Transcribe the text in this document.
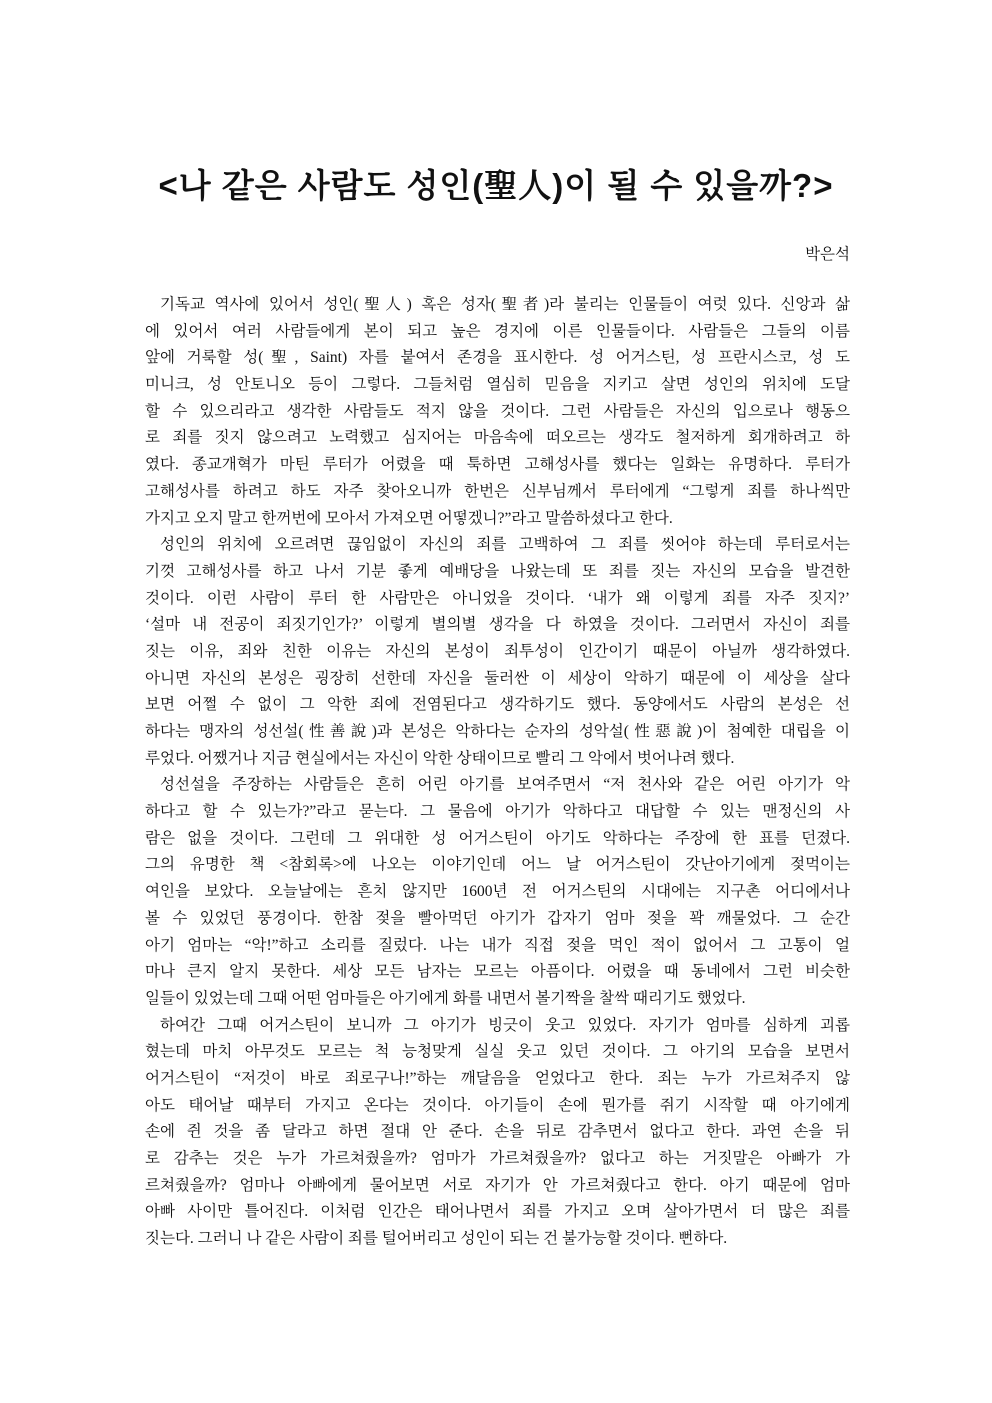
<나 같은 사람도 성인(聖人)이 될 수 있을까?>
박은석
기독교 역사에 있어서 성인(聖人) 혹은 성자(聖者)라 불리는 인물들이 여럿 있다. 신앙과 삶
에 있어서 여러 사람들에게 본이 되고 높은 경지에 이른 인물들이다. 사람들은 그들의 이름
앞에 거룩할 성(聖, Saint) 자를 붙여서 존경을 표시한다. 성 어거스틴, 성 프란시스코, 성 도
미니크, 성 안토니오 등이 그렇다. 그들처럼 열심히 믿음을 지키고 살면 성인의 위치에 도달
할 수 있으리라고 생각한 사람들도 적지 않을 것이다. 그런 사람들은 자신의 입으로나 행동으
로 죄를 짓지 않으려고 노력했고 심지어는 마음속에 떠오르는 생각도 철저하게 회개하려고 하
였다. 종교개혁가 마틴 루터가 어렸을 때 툭하면 고해성사를 했다는 일화는 유명하다. 루터가
고해성사를 하려고 하도 자주 찾아오니까 한번은 신부님께서 루터에게 “그렇게 죄를 하나씩만
가지고 오지 말고 한꺼번에 모아서 가져오면 어떻겠니?”라고 말씀하셨다고 한다.
성인의 위치에 오르려면 끊임없이 자신의 죄를 고백하여 그 죄를 씻어야 하는데 루터로서는
기껏 고해성사를 하고 나서 기분 좋게 예배당을 나왔는데 또 죄를 짓는 자신의 모습을 발견한
것이다. 이런 사람이 루터 한 사람만은 아니었을 것이다. ‘내가 왜 이렇게 죄를 자주 짓지?’
‘설마 내 전공이 죄짓기인가?’ 이렇게 별의별 생각을 다 하였을 것이다. 그러면서 자신이 죄를
짓는 이유, 죄와 친한 이유는 자신의 본성이 죄투성이 인간이기 때문이 아닐까 생각하였다.
아니면 자신의 본성은 굉장히 선한데 자신을 둘러싼 이 세상이 악하기 때문에 이 세상을 살다
보면 어쩔 수 없이 그 악한 죄에 전염된다고 생각하기도 했다. 동양에서도 사람의 본성은 선
하다는 맹자의 성선설(性善說)과 본성은 악하다는 순자의 성악설(性惡說)이 첨예한 대립을 이
루었다. 어쨌거나 지금 현실에서는 자신이 악한 상태이므로 빨리 그 악에서 벗어나려 했다.
성선설을 주장하는 사람들은 흔히 어린 아기를 보여주면서 “저 천사와 같은 어린 아기가 악
하다고 할 수 있는가?”라고 묻는다. 그 물음에 아기가 악하다고 대답할 수 있는 맨정신의 사
람은 없을 것이다. 그런데 그 위대한 성 어거스틴이 아기도 악하다는 주장에 한 표를 던졌다.
그의 유명한 책 <참회록>에 나오는 이야기인데 어느 날 어거스틴이 갓난아기에게 젖먹이는
여인을 보았다. 오늘날에는 흔치 않지만 1600년 전 어거스틴의 시대에는 지구촌 어디에서나
볼 수 있었던 풍경이다. 한참 젖을 빨아먹던 아기가 갑자기 엄마 젖을 꽉 깨물었다. 그 순간
아기 엄마는 “악!”하고 소리를 질렀다. 나는 내가 직접 젖을 먹인 적이 없어서 그 고통이 얼
마나 큰지 알지 못한다. 세상 모든 남자는 모르는 아픔이다. 어렸을 때 동네에서 그런 비슷한
일들이 있었는데 그때 어떤 엄마들은 아기에게 화를 내면서 볼기짝을 찰싹 때리기도 했었다.
하여간 그때 어거스틴이 보니까 그 아기가 빙긋이 웃고 있었다. 자기가 엄마를 심하게 괴롭
혔는데 마치 아무것도 모르는 척 능청맞게 실실 웃고 있던 것이다. 그 아기의 모습을 보면서
어거스틴이 “저것이 바로 죄로구나!”하는 깨달음을 얻었다고 한다. 죄는 누가 가르쳐주지 않
아도 태어날 때부터 가지고 온다는 것이다. 아기들이 손에 뭔가를 쥐기 시작할 때 아기에게
손에 쥔 것을 좀 달라고 하면 절대 안 준다. 손을 뒤로 감추면서 없다고 한다. 과연 손을 뒤
로 감추는 것은 누가 가르쳐줬을까? 엄마가 가르쳐줬을까? 없다고 하는 거짓말은 아빠가 가
르쳐줬을까? 엄마나 아빠에게 물어보면 서로 자기가 안 가르쳐줬다고 한다. 아기 때문에 엄마
아빠 사이만 틀어진다. 이처럼 인간은 태어나면서 죄를 가지고 오며 살아가면서 더 많은 죄를
짓는다. 그러니 나 같은 사람이 죄를 털어버리고 성인이 되는 건 불가능할 것이다. 뻔하다.
